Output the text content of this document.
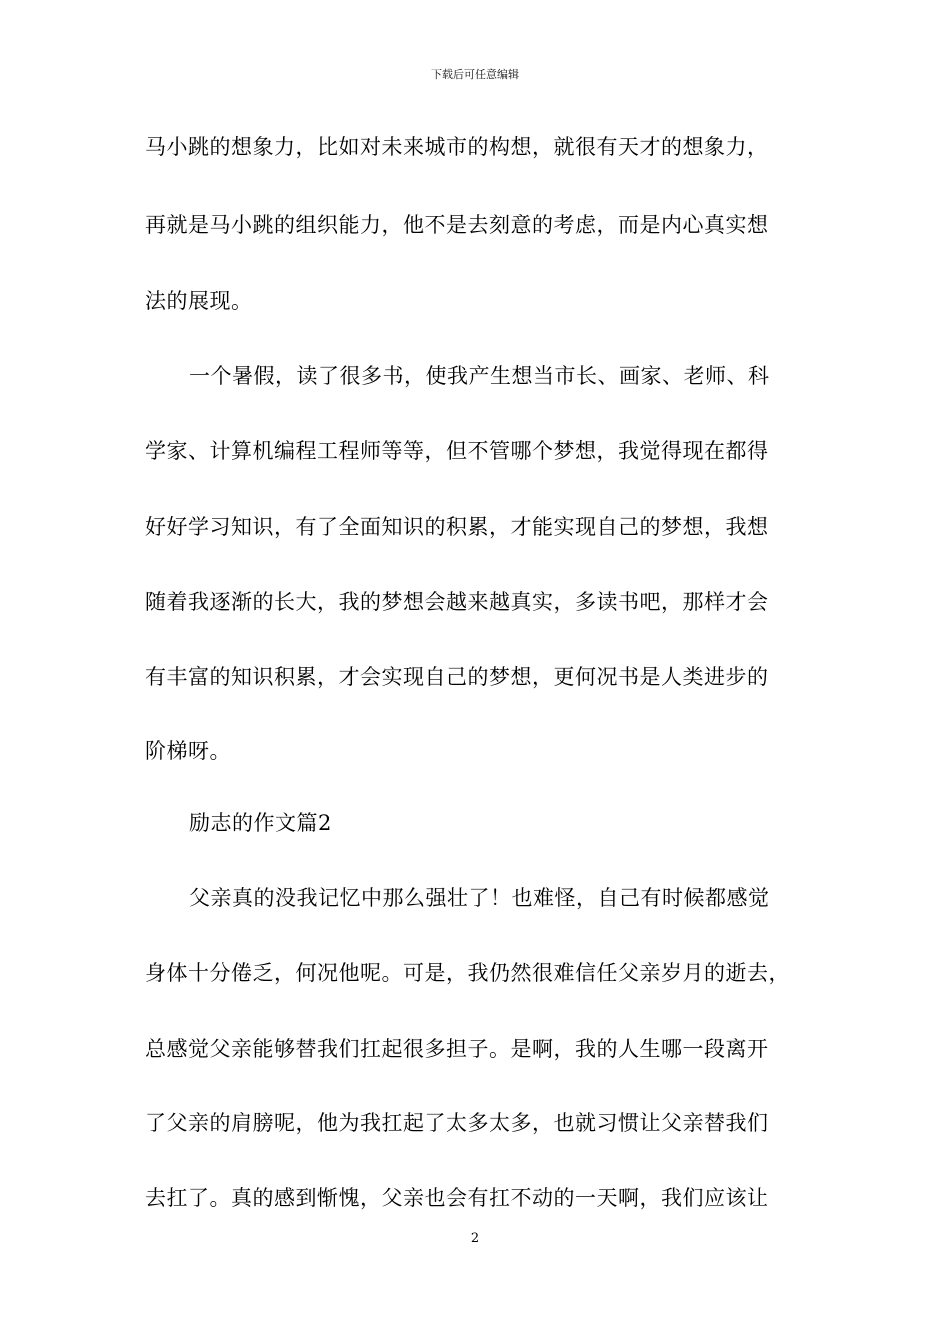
下载后可任意编辑
马小跳的想象力，比如对未来城市的构想，就很有天才的想象力，
再就是马小跳的组织能力，他不是去刻意的考虑，而是内心真实想
法的展现。
一个暑假，读了很多书，使我产生想当市长、画家、老师、科
学家、计算机编程工程师等等，但不管哪个梦想，我觉得现在都得
好好学习知识，有了全面知识的积累，才能实现自己的梦想，我想
随着我逐渐的长大，我的梦想会越来越真实，多读书吧，那样才会
有丰富的知识积累，才会实现自己的梦想，更何况书是人类进步的
阶梯呀。
励志的作文篇2
父亲真的没我记忆中那么强壮了！也难怪，自己有时候都感觉
身体十分倦乏，何况他呢。可是，我仍然很难信任父亲岁月的逝去，
总感觉父亲能够替我们扛起很多担子。是啊，我的人生哪一段离开
了父亲的肩膀呢，他为我扛起了太多太多，也就习惯让父亲替我们
去扛了。真的感到惭愧，父亲也会有扛不动的一天啊，我们应该让
2
